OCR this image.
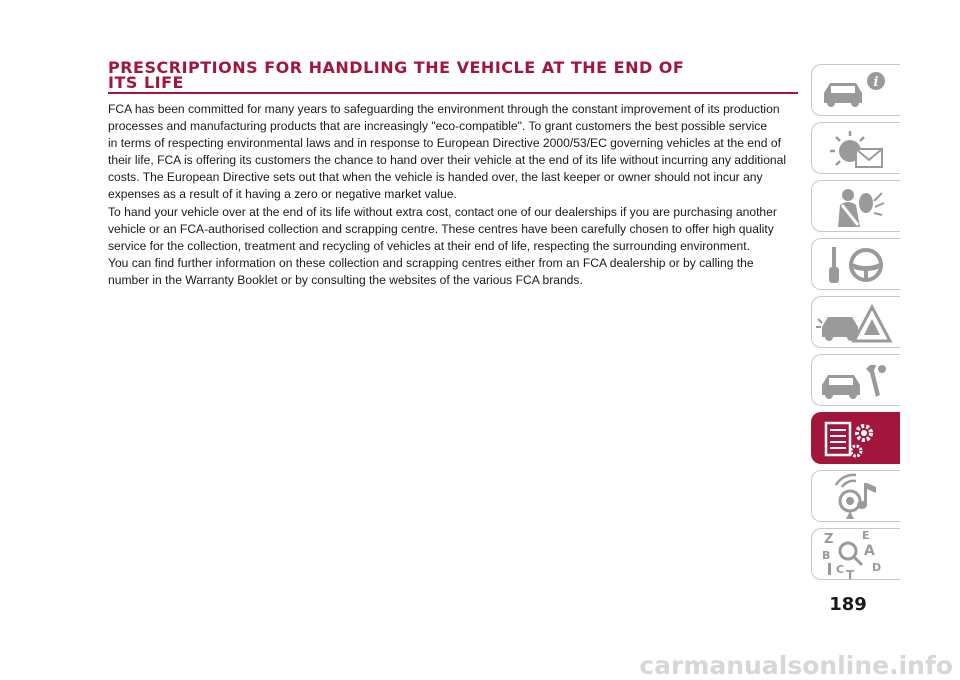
PRESCRIPTIONS FOR HANDLING THE VEHICLE AT THE END OF
ITS LIFE
FCA has been committed for many years to safeguarding the environment through the constant improvement of its production
processes and manufacturing products that are increasingly "eco-compatible". To grant customers the best possible service
in terms of respecting environmental laws and in response to European Directive 2000/53/EC governing vehicles at the end of
their life, FCA is offering its customers the chance to hand over their vehicle at the end of its life without incurring any additional
costs. The European Directive sets out that when the vehicle is handed over, the last keeper or owner should not incur any
expenses as a result of it having a zero or negative market value.
To hand your vehicle over at the end of its life without extra cost, contact one of our dealerships if you are purchasing another
vehicle or an FCA-authorised collection and scrapping centre. These centres have been carefully chosen to offer high quality
service for the collection, treatment and recycling of vehicles at their end of life, respecting the surrounding environment.
You can find further information on these collection and scrapping centres either from an FCA dealership or by calling the
number in the Warranty Booklet or by consulting the websites of the various FCA brands.
i
Z	E
B A
C	D
T
189
carmanualsonline.info
